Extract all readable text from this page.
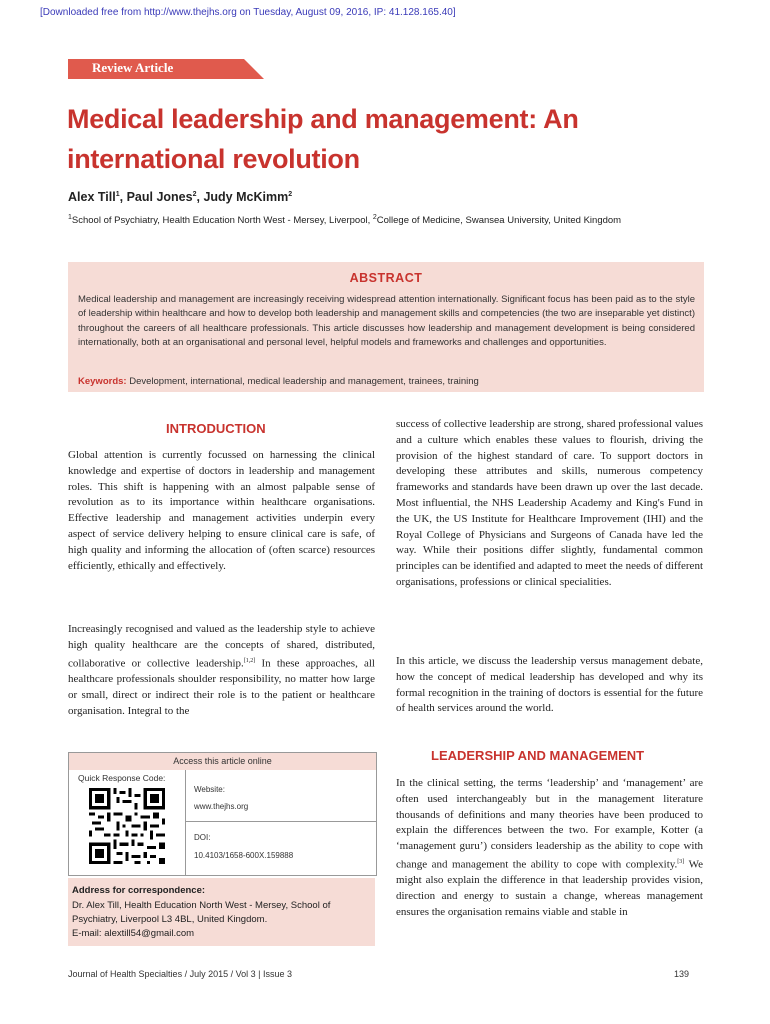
[Downloaded free from http://www.thejhs.org on Tuesday, August 09, 2016, IP: 41.128.165.40]
Review Article
Medical leadership and management: An international revolution
Alex Till$^1$, Paul Jones$^2$, Judy McKimm$^2$
$^1$School of Psychiatry, Health Education North West - Mersey, Liverpool, $^2$College of Medicine, Swansea University, United Kingdom
ABSTRACT
Medical leadership and management are increasingly receiving widespread attention internationally. Significant focus has been paid as to the style of leadership within healthcare and how to develop both leadership and management skills and competencies (the two are inseparable yet distinct) throughout the careers of all healthcare professionals. This article discusses how leadership and management development is being considered internationally, both at an organisational and personal level, helpful models and frameworks and challenges and opportunities.
Keywords: Development, international, medical leadership and management, trainees, training
INTRODUCTION

Global attention is currently focussed on harnessing the clinical knowledge and expertise of doctors in leadership and management roles. This shift is happening with an almost palpable sense of revolution as to its importance within healthcare organisations. Effective leadership and management activities underpin every aspect of service delivery helping to ensure clinical care is safe, of high quality and informing the allocation of (often scarce) resources efficiently, ethically and effectively.

Increasingly recognised and valued as the leadership style to achieve high quality healthcare are the concepts of shared, distributed, collaborative or collective leadership.[1,2] In these approaches, all healthcare professionals shoulder responsibility, no matter how large or small, direct or indirect their role is to the patient or healthcare organisation. Integral to the

success of collective leadership are strong, shared professional values and a culture which enables these values to flourish, driving the provision of the highest standard of care. To support doctors in developing these attributes and skills, numerous competency frameworks and standards have been drawn up over the last decade. Most influential, the NHS Leadership Academy and King's Fund in the UK, the US Institute for Healthcare Improvement (IHI) and the Royal College of Physicians and Surgeons of Canada have led the way. While their positions differ slightly, fundamental common principles can be identified and adapted to meet the needs of different organisations, professions or clinical specialities.

In this article, we discuss the leadership versus management debate, how the concept of medical leadership has developed and why its formal recognition in the training of doctors is essential for the future of health services around the world.

LEADERSHIP AND MANAGEMENT

In the clinical setting, the terms ‘leadership’ and ‘management’ are often used interchangeably but in the management literature thousands of definitions and many theories have been produced to explain the differences between the two. For example, Kotter (a ‘management guru’) considers leadership as the ability to cope with change and management the ability to cope with complexity.[3] We might also explain the difference in that leadership provides vision, direction and energy to sustain a change, whereas management ensures the organisation remains viable and stable in

Access this article online
Quick Response Code:
Website:
www.thejhs.org
DOI:
10.4103/1658-600X.159888
Address for correspondence:
Dr. Alex Till, Health Education North West - Mersey, School of
Psychiatry, Liverpool L3 4BL, United Kingdom.
E-mail: alextill54@gmail.com
Journal of Health Specialties / July 2015 / Vol 3 | Issue 3	139
